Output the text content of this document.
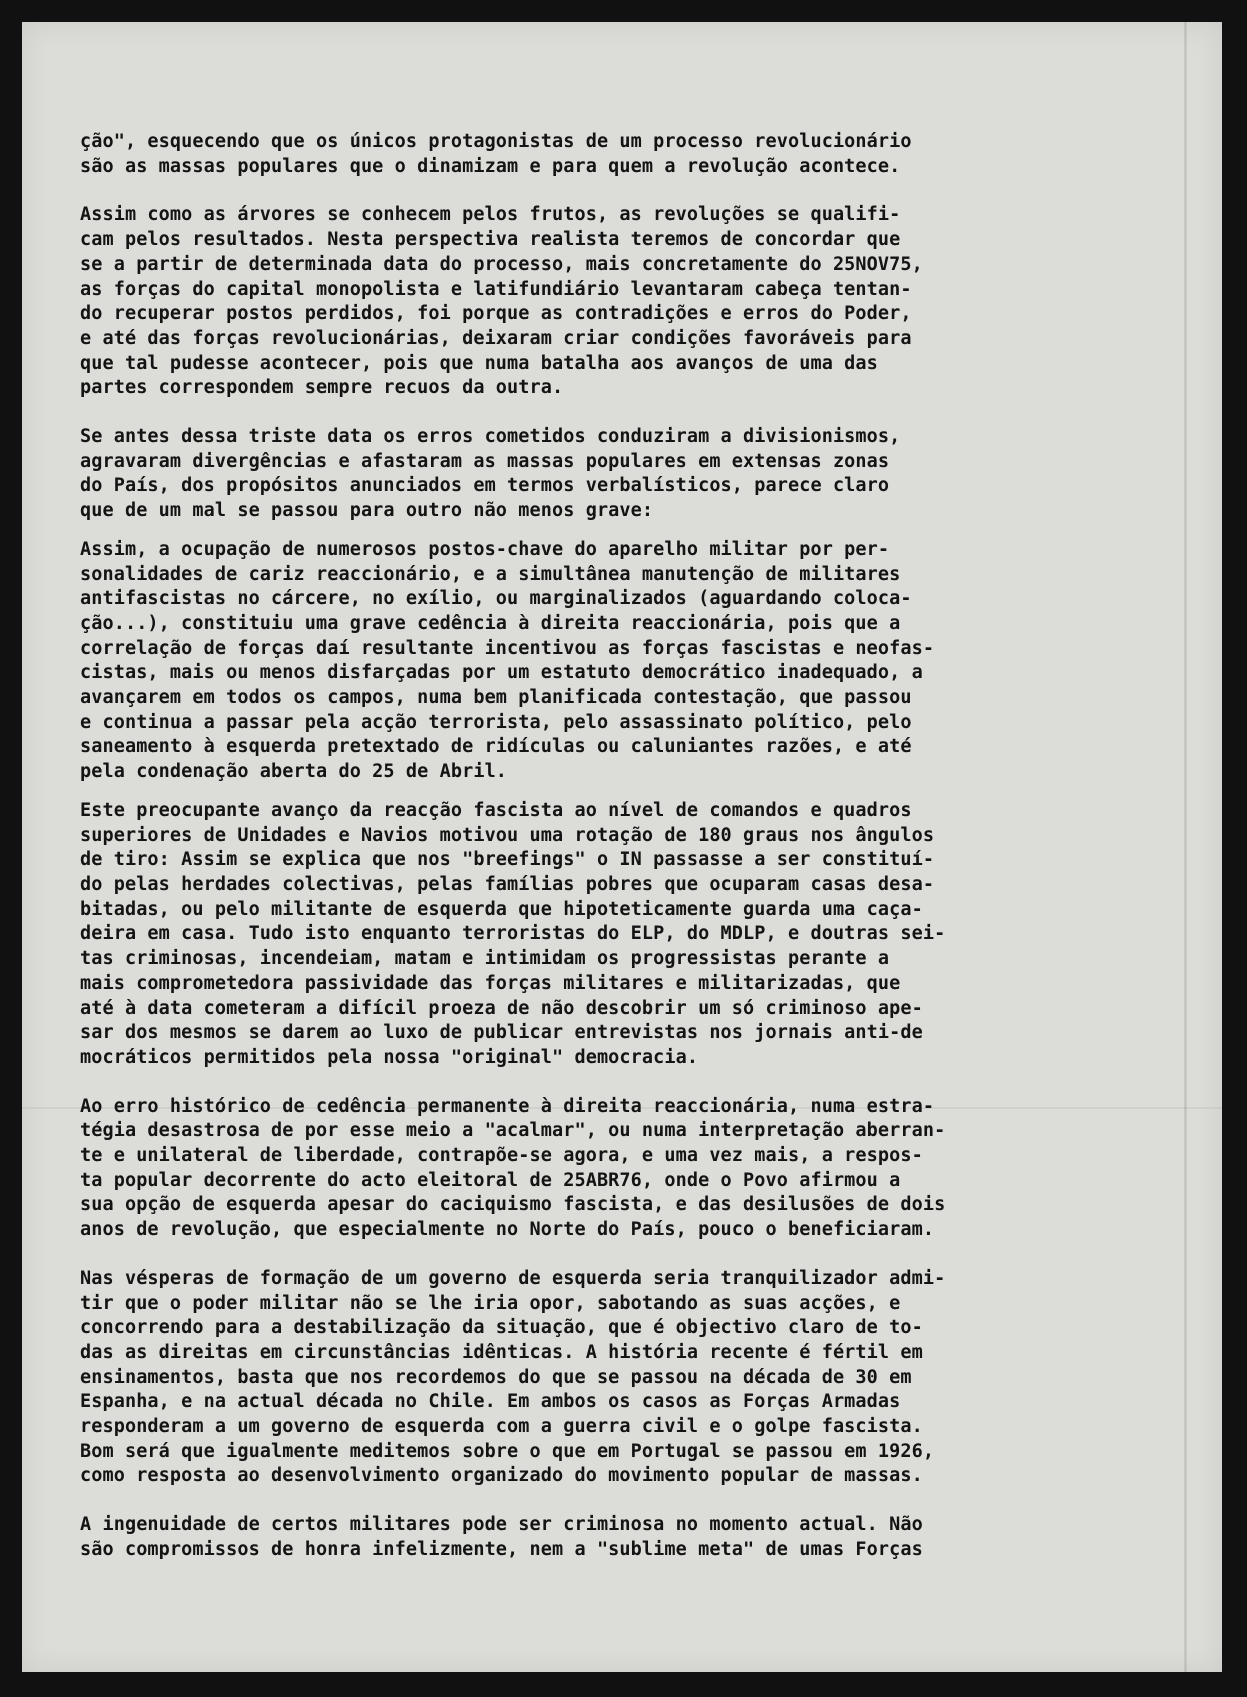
ção", esquecendo que os únicos protagonistas de um processo revolucionário
são as massas populares que o dinamizam e para quem a revolução acontece.
Assim como as árvores se conhecem pelos frutos, as revoluções se qualifi-
cam pelos resultados. Nesta perspectiva realista teremos de concordar que
se a partir de determinada data do processo, mais concretamente do 25NOV75,
as forças do capital monopolista e latifundiário levantaram cabeça tentan-
do recuperar postos perdidos, foi porque as contradições e erros do Poder,
e até das forças revolucionárias, deixaram criar condições favoráveis para
que tal pudesse acontecer, pois que numa batalha aos avanços de uma das
partes correspondem sempre recuos da outra.
Se antes dessa triste data os erros cometidos conduziram a divisionismos,
agravaram divergências e afastaram as massas populares em extensas zonas
do País, dos propósitos anunciados em termos verbalísticos, parece claro
que de um mal se passou para outro não menos grave:
Assim, a ocupação de numerosos postos-chave do aparelho militar por per-
sonalidades de cariz reaccionário, e a simultânea manutenção de militares
antifascistas no cárcere, no exílio, ou marginalizados (aguardando coloca-
ção...), constituiu uma grave cedência à direita reaccionária, pois que a
correlação de forças daí resultante incentivou as forças fascistas e neofas-
cistas, mais ou menos disfarçadas por um estatuto democrático inadequado, a
avançarem em todos os campos, numa bem planificada contestação, que passou
e continua a passar pela acção terrorista, pelo assassinato político, pelo
saneamento à esquerda pretextado de ridículas ou caluniantes razões, e até
pela condenação aberta do 25 de Abril.
Este preocupante avanço da reacção fascista ao nível de comandos e quadros
superiores de Unidades e Navios motivou uma rotação de 180 graus nos ângulos
de tiro: Assim se explica que nos "breefings" o IN passasse a ser constituí-
do pelas herdades colectivas, pelas famílias pobres que ocuparam casas desa-
bitadas, ou pelo militante de esquerda que hipoteticamente guarda uma caça-
deira em casa. Tudo isto enquanto terroristas do ELP, do MDLP, e doutras sei-
tas criminosas, incendeiam, matam e intimidam os progressistas perante a
mais comprometedora passividade das forças militares e militarizadas, que
até à data cometeram a difícil proeza de não descobrir um só criminoso ape-
sar dos mesmos se darem ao luxo de publicar entrevistas nos jornais anti-de
mocráticos permitidos pela nossa "original" democracia.
Ao erro histórico de cedência permanente à direita reaccionária, numa estra-
tégia desastrosa de por esse meio a "acalmar", ou numa interpretação aberran-
te e unilateral de liberdade, contrapõe-se agora, e uma vez mais, a respos-
ta popular decorrente do acto eleitoral de 25ABR76, onde o Povo afirmou a
sua opção de esquerda apesar do caciquismo fascista, e das desilusões de dois
anos de revolução, que especialmente no Norte do País, pouco o beneficiaram.
Nas vésperas de formação de um governo de esquerda seria tranquilizador admi-
tir que o poder militar não se lhe iria opor, sabotando as suas acções, e
concorrendo para a destabilização da situação, que é objectivo claro de to-
das as direitas em circunstâncias idênticas. A história recente é fértil em
ensinamentos, basta que nos recordemos do que se passou na década de 30 em
Espanha, e na actual década no Chile. Em ambos os casos as Forças Armadas
responderam a um governo de esquerda com a guerra civil e o golpe fascista.
Bom será que igualmente meditemos sobre o que em Portugal se passou em 1926,
como resposta ao desenvolvimento organizado do movimento popular de massas.
A ingenuidade de certos militares pode ser criminosa no momento actual. Não
são compromissos de honra infelizmente, nem a "sublime meta" de umas Forças
